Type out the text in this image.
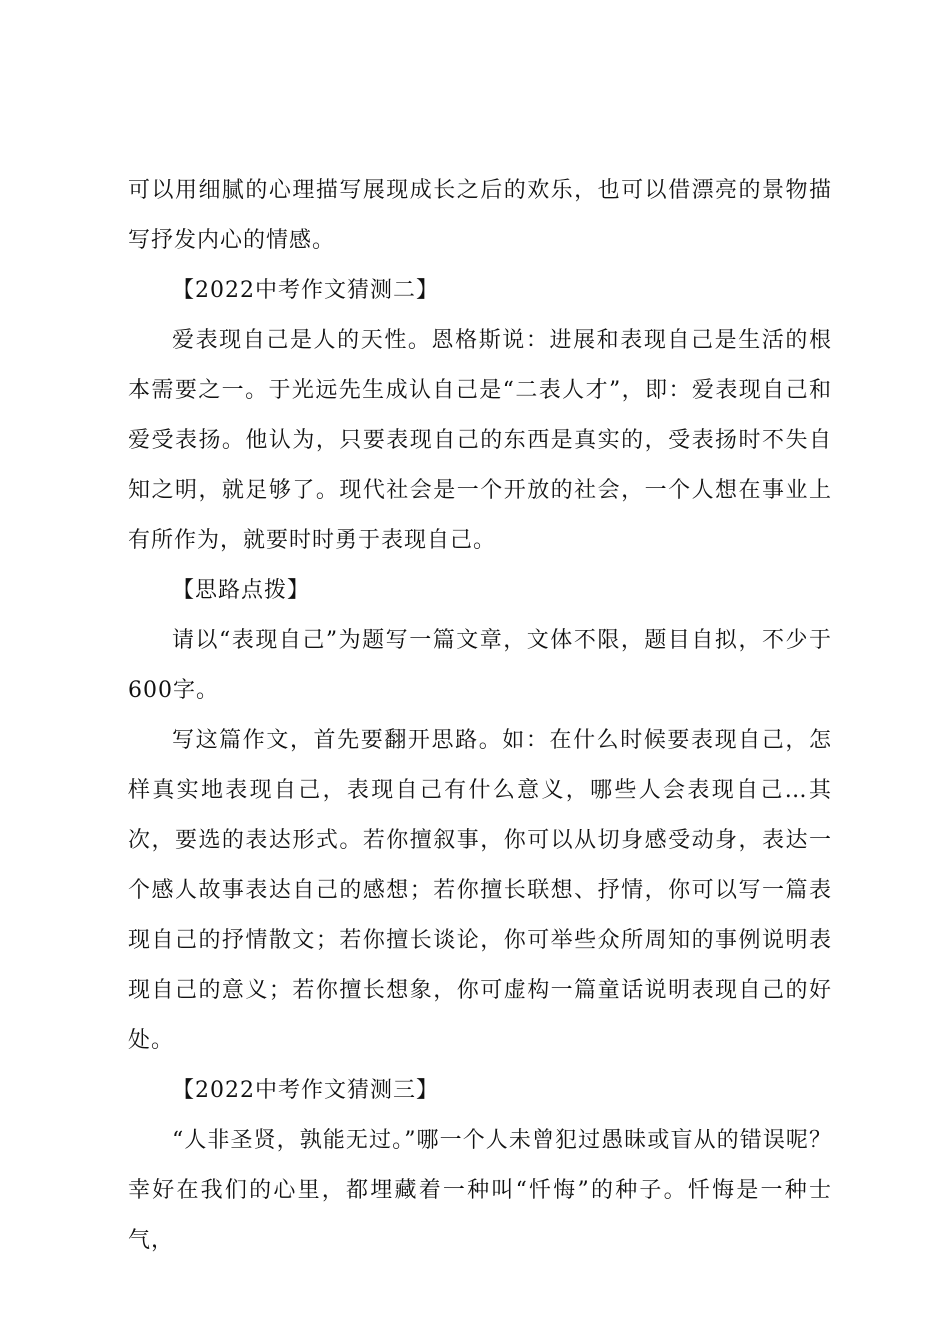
可以用细腻的心理描写展现成长之后的欢乐，也可以借漂亮的景物描写抒发内心的情感。

【2022中考作文猜测二】

爱表现自己是人的天性。恩格斯说：进展和表现自己是生活的根本需要之一。于光远先生成认自己是“二表人才”，即：爱表现自己和爱受表扬。他认为，只要表现自己的东西是真实的，受表扬时不失自知之明，就足够了。现代社会是一个开放的社会，一个人想在事业上有所作为，就要时时勇于表现自己。

【思路点拨】

请以“表现自己”为题写一篇文章，文体不限，题目自拟，不少于600字。

写这篇作文，首先要翻开思路。如：在什么时候要表现自己，怎样真实地表现自己，表现自己有什么意义，哪些人会表现自己…其次，要选的表达形式。若你擅叙事，你可以从切身感受动身，表达一个感人故事表达自己的感想；若你擅长联想、抒情，你可以写一篇表现自己的抒情散文；若你擅长谈论，你可举些众所周知的事例说明表现自己的意义；若你擅长想象，你可虚构一篇童话说明表现自己的好处。

【2022中考作文猜测三】

“人非圣贤，孰能无过。”哪一个人未曾犯过愚昧或盲从的错误呢？幸好在我们的心里，都埋藏着一种叫“忏悔”的种子。忏悔是一种士气，
